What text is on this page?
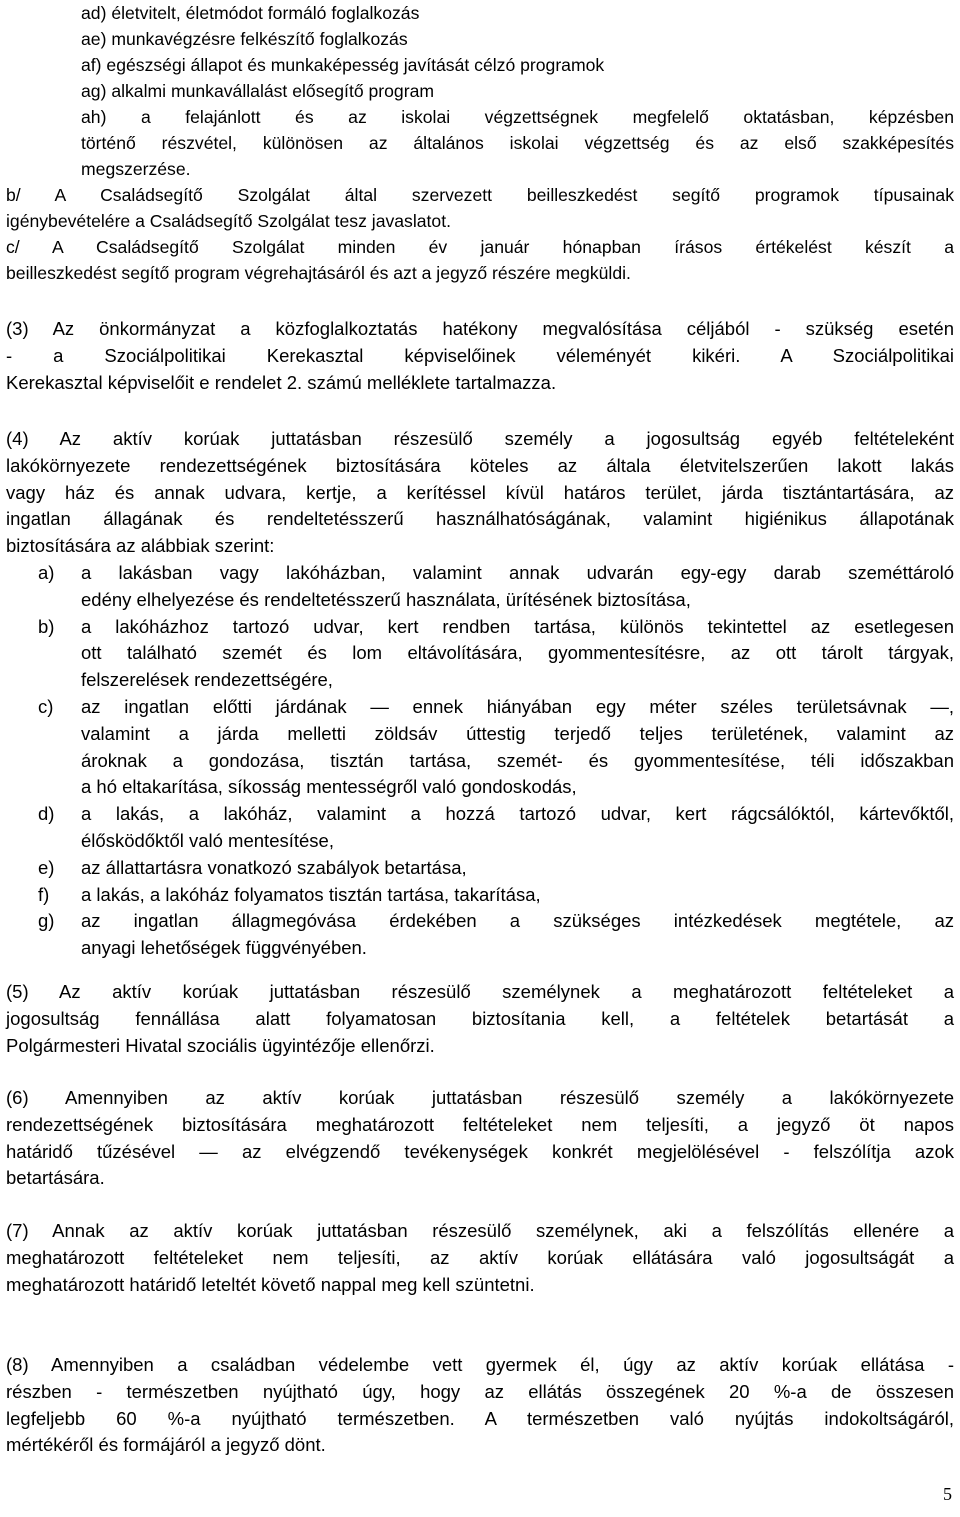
ad) életvitelt, életmódot formáló foglalkozás
ae) munkavégzésre felkészítő foglalkozás
af) egészségi állapot és munkaképesség javítását célzó programok
ag) alkalmi munkavállalást elősegítő program
ah) a felajánlott és az iskolai végzettségnek megfelelő oktatásban, képzésben
történő részvétel, különösen az általános iskolai végzettség és az első szakképesítés
megszerzése.
b/ A Családsegítő Szolgálat által szervezett beilleszkedést segítő programok típusainak
igénybevételére a Családsegítő Szolgálat tesz javaslatot.
c/ A Családsegítő Szolgálat minden év január hónapban írásos értékelést készít a
beilleszkedést segítő program végrehajtásáról és azt a jegyző részére megküldi.
(3) Az önkormányzat a közfoglalkoztatás hatékony megvalósítása céljából - szükség esetén
- a Szociálpolitikai Kerekasztal képviselőinek véleményét kikéri. A Szociálpolitikai
Kerekasztal képviselőit e rendelet 2. számú melléklete tartalmazza.
(4) Az aktív korúak juttatásban részesülő személy a jogosultság egyéb feltételeként
lakókörnyezete rendezettségének biztosítására köteles az általa életvitelszerűen lakott lakás
vagy ház és annak udvara, kertje, a kerítéssel kívül határos terület, járda tisztántartására, az
ingatlan állagának és rendeltetésszerű használhatóságának, valamint higiénikus állapotának
biztosítására az alábbiak szerint:
a)	a lakásban vagy lakóházban, valamint annak udvarán egy-egy darab szeméttároló
edény elhelyezése és rendeltetésszerű használata, ürítésének biztosítása,
b)	a lakóházhoz tartozó udvar, kert rendben tartása, különös tekintettel az esetlegesen
ott található szemét és lom eltávolítására, gyommentesítésre, az ott tárolt tárgyak,
felszerelések rendezettségére,
c)	az ingatlan előtti járdának — ennek hiányában egy méter széles területsávnak —,
valamint a járda melletti zöldsáv úttestig terjedő teljes területének, valamint az
ároknak a gondozása, tisztán tartása, szemét- és gyommentesítése, téli időszakban
a hó eltakarítása, síkosság mentességről való gondoskodás,
d)	a lakás, a lakóház, valamint a hozzá tartozó udvar, kert rágcsálóktól, kártevőktől,
élősködőktől való mentesítése,
e)	az állattartásra vonatkozó szabályok betartása,
f)	a lakás, a lakóház folyamatos tisztán tartása, takarítása,
g)	az ingatlan állagmegóvása érdekében a szükséges intézkedések megtétele, az
anyagi lehetőségek függvényében.
(5) Az aktív korúak juttatásban részesülő személynek a meghatározott feltételeket a
jogosultság fennállása alatt folyamatosan biztosítania kell, a feltételek betartását a
Polgármesteri Hivatal szociális ügyintézője ellenőrzi.
(6) Amennyiben az aktív korúak juttatásban részesülő személy a lakókörnyezete
rendezettségének biztosítására meghatározott feltételeket nem teljesíti, a jegyző öt napos
határidő tűzésével — az elvégzendő tevékenységek konkrét megjelölésével - felszólítja azok
betartására.
(7) Annak az aktív korúak juttatásban részesülő személynek, aki a felszólítás ellenére a
meghatározott feltételeket nem teljesíti, az aktív korúak ellátására való jogosultságát a
meghatározott határidő leteltét követő nappal meg kell szüntetni.
(8) Amennyiben a családban védelembe vett gyermek él, úgy az aktív korúak ellátása -
részben - természetben nyújtható úgy, hogy az ellátás összegének 20 %-a de összesen
legfeljebb 60 %-a nyújtható természetben. A természetben való nyújtás indokoltságáról,
mértékéről és formájáról a jegyző dönt.
5
